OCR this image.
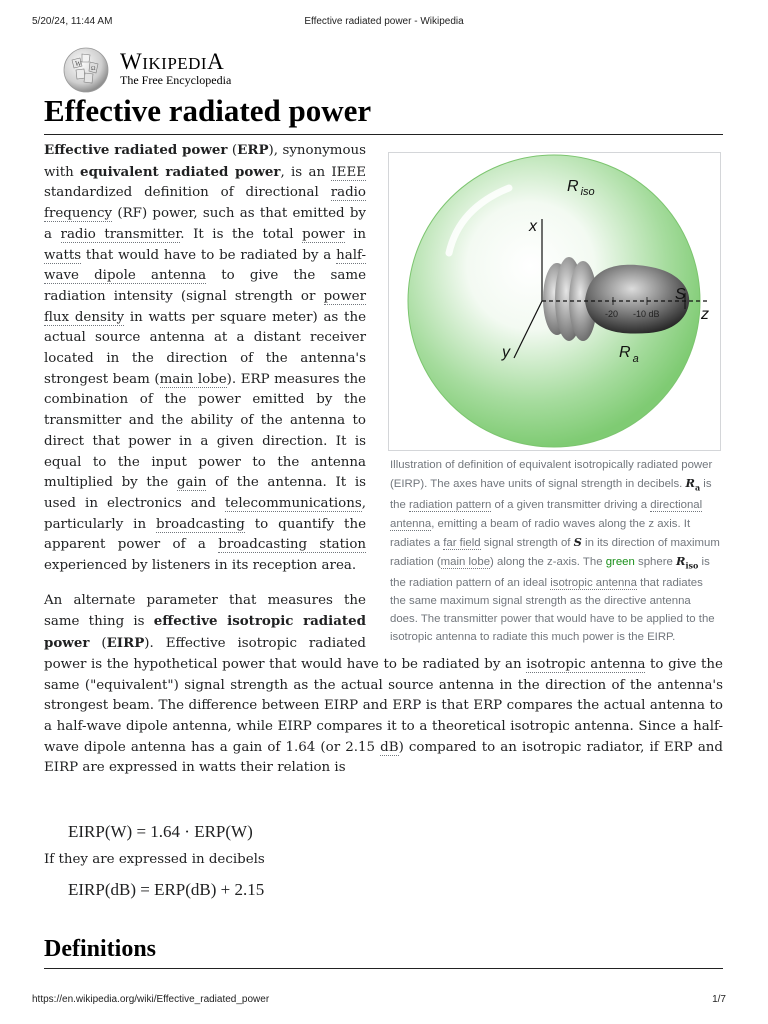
5/20/24, 11:44 AM	Effective radiated power - Wikipedia
W
Ω WIKIPEDIA
The Free Encyclopedia
Effective radiated power
R $_{iso}$
x
y
z
S
R $_a$
-20 -10 dB
Illustration of definition of equivalent isotropically radiated power (EIRP). The axes have units of signal strength in decibels. $R_a$ is the radiation pattern of a given transmitter driving a directional antenna, emitting a beam of radio waves along the z axis. It radiates a far field signal strength of S in its direction of maximum radiation (main lobe) along the z-axis. The green sphere $R_{iso}$ is the radiation pattern of an ideal isotropic antenna that radiates the same maximum signal strength as the directive antenna does. The transmitter power that would have to be applied to the isotropic antenna to radiate this much power is the EIRP.

Effective radiated power (ERP), synonymous with equivalent radiated power, is an IEEE standardized definition of directional radio frequency (RF) power, such as that emitted by a radio transmitter. It is the total power in watts that would have to be radiated by a half-wave dipole antenna to give the same radiation intensity (signal strength or power flux density in watts per square meter) as the actual source antenna at a distant receiver located in the direction of the antenna's strongest beam (main lobe). ERP measures the combination of the power emitted by the transmitter and the ability of the antenna to direct that power in a given direction. It is equal to the input power to the antenna multiplied by the gain of the antenna. It is used in electronics and telecommunications, particularly in broadcasting to quantify the apparent power of a broadcasting station experienced by listeners in its reception area.

An alternate parameter that measures the same thing is effective isotropic radiated power (EIRP). Effective isotropic radiated power is the hypothetical power that would have to be radiated by an isotropic antenna to give the same ("equivalent") signal strength as the actual source antenna in the direction of the antenna's strongest beam. The difference between EIRP and ERP is that ERP compares the actual antenna to a half-wave dipole antenna, while EIRP compares it to a theoretical isotropic antenna. Since a half-wave dipole antenna has a gain of 1.64 (or 2.15 dB) compared to an isotropic radiator, if ERP and EIRP are expressed in watts their relation is

EIRP(W) = 1.64 · ERP(W)
If they are expressed in decibels
EIRP(dB) = ERP(dB) + 2.15
Definitions
https://en.wikipedia.org/wiki/Effective_radiated_power	1/7
